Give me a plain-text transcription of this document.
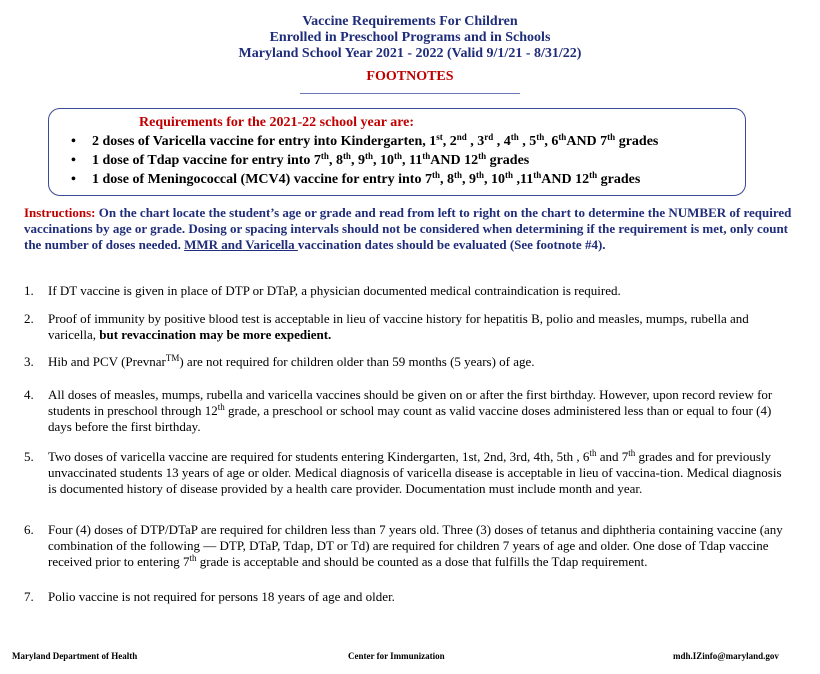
Vaccine Requirements For Children
Enrolled in Preschool Programs and in Schools
Maryland School Year 2021 - 2022 (Valid 9/1/21 - 8/31/22)
FOOTNOTES
Requirements for the 2021-22 school year are:
• 2 doses of Varicella vaccine for entry into Kindergarten, 1st, 2nd , 3rd , 4th , 5th, 6thAND 7th grades
• 1 dose of Tdap vaccine for entry into 7th, 8th, 9th, 10th, 11thAND 12th grades
• 1 dose of Meningococcal (MCV4) vaccine for entry into 7th, 8th, 9th, 10th ,11thAND 12th grades
Instructions: On the chart locate the student’s age or grade and read from left to right on the chart to determine the NUMBER of required vaccinations by age or grade. Dosing or spacing intervals should not be considered when determining if the requirement is met, only count the number of doses needed. MMR and Varicella vaccination dates should be evaluated (See footnote #4).
1.	If DT vaccine is given in place of DTP or DTaP, a physician documented medical contraindication is required.
2.	Proof of immunity by positive blood test is acceptable in lieu of vaccine history for hepatitis B, polio and measles, mumps, rubella and varicella, but revaccination may be more expedient.
3.	Hib and PCV (Prevnar™) are not required for children older than 59 months (5 years) of age.
4.	All doses of measles, mumps, rubella and varicella vaccines should be given on or after the first birthday. However, upon record review for students in preschool through 12th grade, a preschool or school may count as valid vaccine doses administered less than or equal to four (4) days before the first birthday.
5.	Two doses of varicella vaccine are required for students entering Kindergarten, 1st, 2nd, 3rd, 4th, 5th , 6th and 7th grades and for previously unvaccinated students 13 years of age or older. Medical diagnosis of varicella disease is acceptable in lieu of vaccina-tion. Medical diagnosis is documented history of disease provided by a health care provider. Documentation must include month and year.
6.	Four (4) doses of DTP/DTaP are required for children less than 7 years old. Three (3) doses of tetanus and diphtheria containing vaccine (any combination of the following — DTP, DTaP, Tdap, DT or Td) are required for children 7 years of age and older. One dose of Tdap vaccine received prior to entering 7th grade is acceptable and should be counted as a dose that fulfills the Tdap requirement.
7.	Polio vaccine is not required for persons 18 years of age and older.
Maryland Department of Health	Center for Immunization	mdh.IZinfo@maryland.gov
